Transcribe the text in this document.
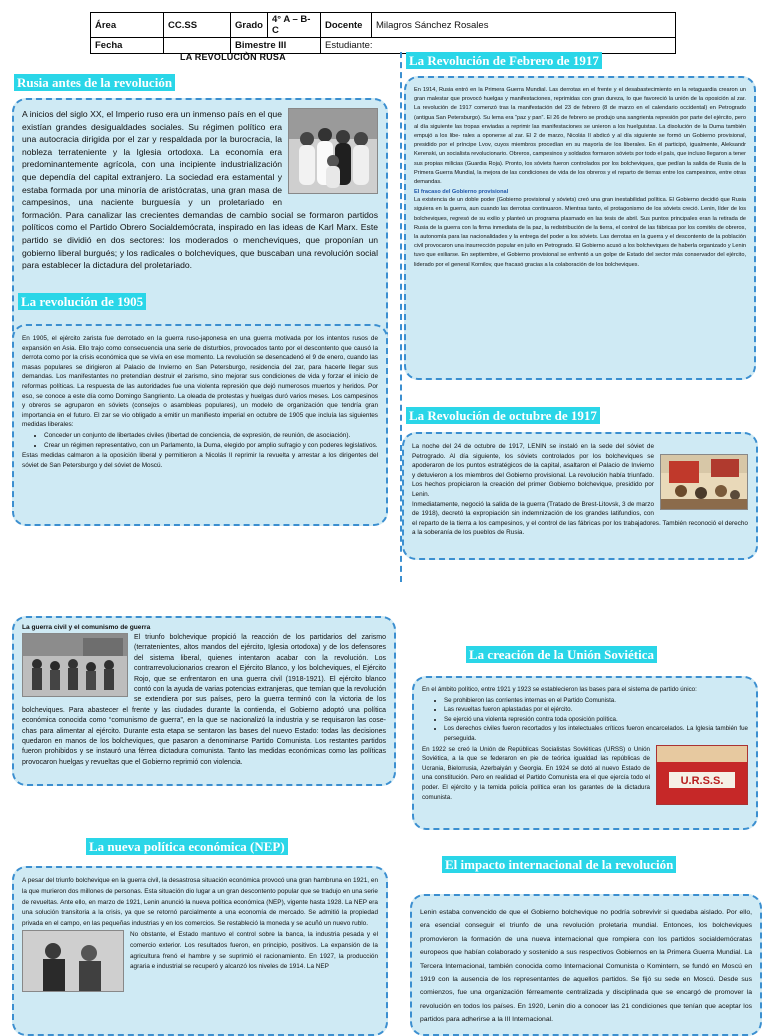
Área	CC.SS	Grado	4° A – B-C	Docente	Milagros Sánchez Rosales
Fecha		Bimestre III		Estudiante:	
LA REVOLUCIÒN RUSA
Rusia antes de la revolución

A inicios del siglo XX, el Imperio ruso era un inmenso país en el que existían grandes desigualdades sociales. Su régimen político era una autocracia dirigida por el zar y respaldada por la burocracia, la nobleza terrateniente y la Iglesia ortodoxa. La economía era predominantemente agrícola, con una incipiente industrialización que dependía del capital extranjero. La sociedad era estamental y estaba formada por una minoría de aristócratas, una gran masa de campesinos, una naciente burguesía y un proletariado en formación. Para canalizar las crecientes demandas de cambio social se formaron partidos políticos como el Partido Obrero Socialdemócrata, inspirado en las ideas de Karl Marx. Este partido se dividió en dos sectores: los moderados o mencheviques, que proponían un gobierno liberal burgués; y los radicales o bolcheviques, que buscaban una revolución social para establecer la dictadura del proletariado.

La revolución de 1905

En 1905, el ejército zarista fue derrotado en la guerra ruso-japonesa en una guerra motivada por los intentos rusos de expansión en Asia. Ello trajo como consecuencia una serie de disturbios, provocados tanto por el descontento que causó la derrota como por la crisis económica que se vivía en ese momento. La revolución se desencadenó el 9 de enero, cuando las masas populares se dirigieron al Palacio de Invierno en San Petersburgo, residencia del zar, para hacerle llegar sus demandas. Los manifestantes no pretendían destruir el zarismo, sino mejorar sus condiciones de vida y forzar el inicio de reformas políticas. La respuesta de las autoridades fue una violenta represión que dejó numerosos muertos y heridos. Por eso, se conoce a este día como Domingo Sangriento. La oleada de protestas y huelgas duró varios meses. Los campesinos y obreros se agruparon en sóviets (consejos o asambleas populares), un modelo de organización que tendría gran importancia en el futuro. El zar se vio obligado a emitir un manifiesto imperial en octubre de 1905 que incluía las siguientes medidas liberales:

• Conceder un conjunto de libertades civiles (libertad de conciencia, de expresión, de reunión, de asociación).
• Crear un régimen representativo, con un Parlamento, la Duma, elegido por amplio sufragio y con poderes legislativos.

Estas medidas calmaron a la oposición liberal y permitieron a Nicolás II reprimir la revuelta y arrestar a los dirigentes del sóviet de San Petersburgo y del sóviet de Moscú.

La Revolución de Febrero de 1917

En 1914, Rusia entró en la Primera Guerra Mundial. Las derrotas en el frente y el desabastecimiento en la retaguardia crearon un gran malestar que provocó huelgas y manifestaciones, reprimidas con gran dureza, lo que favoreció la unión de la oposición al zar. La revolución de 1917 comenzó tras la manifestación del 23 de febrero (8 de marzo en el calendario occidental) en Petrogrado (antigua San Petersburgo). Su lema era “paz y pan”. El 26 de febrero se produjo una sangrienta represión por parte del ejército, pero al día siguiente las tropas enviadas a reprimir las manifestaciones se unieron a los huelguistas. La disolución de la Duma también empujó a los libe- rales a oponerse al zar. El 2 de marzo, Nicolás II abdicó y al día siguiente se formó un Gobierno provisional, presidido por el príncipe Lvov, cuyos miembros procedían en su mayoría de los liberales. En él participó, igualmente, Aleksandr Kerenski, un socialista revolucionario. Obreros, campesinos y soldados formaron sóviets por todo el país, que incluso llegaron a tener sus propias milicias (Guardia Roja). Pronto, los sóviets fueron controlados por los bolcheviques, que pedían la salida de Rusia de la Primera Guerra Mundial, la mejora de las condiciones de vida de los obreros y el reparto de tierras entre los campesinos, entre otras demandas.

El fracaso del Gobierno provisional

La existencia de un doble poder (Gobierno provisional y sóviets) creó una gran inestabilidad política. El Gobierno decidió que Rusia siguiera en la guerra, aun cuando las derrotas continuaron. Mientras tanto, el protagonismo de los sóviets creció. Lenin, líder de los bolcheviques, regresó de su exilio y planteó un programa plasmado en las tesis de abril. Sus puntos principales eran la retirada de Rusia de la guerra con la firma inmediata de la paz, la redistribución de la tierra, el control de las fábricas por los comités de obreros, la autonomía para las nacionalidades y la entrega del poder a los sóviets. Las derrotas en la guerra y el descontento de la población civil provocaron una insurrección popular en julio en Petrogrado. El Gobierno acusó a los bolcheviques de haberla organizado y Lenin tuvo que exiliarse. En septiembre, el Gobierno provisional se enfrentó a un golpe de Estado del sector más conservador del ejército, liderado por el general Kornilov, que fracasó gracias a la colaboración de los bolcheviques.

La Revolución de octubre de 1917

La noche del 24 de octubre de 1917, LENIN se instaló en la sede del sóviet de Petrogrado. Al día siguiente, los sóviets controlados por los bolcheviques se apoderaron de los puntos estratégicos de la capital, asaltaron el Palacio de Invierno y detuvieron a los miembros del Gobierno provisional. La revolución había triunfado. Los hechos propiciaron la creación del primer Gobierno bolchevique, presidido por Lenin.

Inmediatamente, negoció la salida de la guerra (Tratado de Brest-Litovsk, 3 de marzo de 1918), decretó la expropiación sin indemnización de los grandes latifundios, con el reparto de la tierra a los campesinos, y el control de las fábricas por los trabajadores. También reconoció el derecho a la soberanía de los pueblos de Rusia.

La guerra civil y el comunismo de guerra

El triunfo bolchevique propició la reacción de los partidarios del zarismo (terratenientes, altos mandos del ejército, Iglesia ortodoxa) y de los defensores del sistema liberal, quienes intentaron acabar con la revolución. Los contrarrevolucionarios crearon el Ejército Blanco, y los bolcheviques, el Ejército Rojo, que se enfrentaron en una guerra civil (1918-1921). El ejército blanco contó con la ayuda de varias potencias extranjeras, que temían que la revolución se extendiera por sus países, pero la guerra terminó con la victoria de los bolcheviques. Para abastecer el frente y las ciudades durante la contienda, el Gobierno adoptó una política económica conocida como “comunismo de guerra”, en la que se nacionalizó la industria y se requisaron las cose- chas para alimentar al ejército. Durante esta etapa se sentaron las bases del nuevo Estado: todas las decisiones quedaron en manos de los bolcheviques, que pasaron a denominarse Partido Comunista. Los restantes partidos fueron prohibidos y se instauró una férrea dictadura comunista. Tanto las medidas económicas como las políticas provocaron huelgas y revueltas que el Gobierno reprimió con violencia.

La nueva política económica (NEP)

A pesar del triunfo bolchevique en la guerra civil, la desastrosa situación económica provocó una gran hambruna en 1921, en la que murieron dos millones de personas. Esta situación dio lugar a un gran descontento popular que se tradujo en una serie de revueltas. Ante ello, en marzo de 1921, Lenin anunció la nueva política económica (NEP), vigente hasta 1928. La NEP era una solución transitoria a la crisis, ya que se retornó parcialmente a una economía de mercado. Se admitió la propiedad privada en el campo, en las pequeñas industrias y en los comercios. Se restableció la moneda y se acuñó un nuevo rublo.

No obstante, el Estado mantuvo el control sobre la banca, la industria pesada y el comercio exterior. Los resultados fueron, en principio, positivos. La expansión de la agricultura frenó el hambre y se suprimió el racionamiento. En 1927, la producción agraria e industrial se recuperó y alcanzó los niveles de 1914. La NEP

La creación de la Unión Soviética

En el ámbito político, entre 1921 y 1923 se establecieron las bases para el sistema de partido único:

• Se prohibieron las corrientes internas en el Partido Comunista.
• Las revueltas fueron aplastadas por el ejército.
• Se ejerció una violenta represión contra toda oposición política.
• Los derechos civiles fueron recortados y los intelectuales críticos fueron encarcelados. La Iglesia también fue perseguida.
U.R.S.S.

En 1922 se creó la Unión de Repúblicas Socialistas Soviéticas (URSS) o Unión Soviética, a la que se federaron en pie de teórica igualdad las repúblicas de Ucrania, Bielorrusia, Azerbaiyán y Georgia. En 1924 se dotó al nuevo Estado de una constitución. Pero en realidad el Partido Comunista era el que ejercía todo el poder. El ejército y la temida policía política eran los garantes de la dictadura comunista.

El impacto internacional de la revolución

Lenin estaba convencido de que el Gobierno bolchevique no podría sobrevivir si quedaba aislado. Por ello, era esencial conseguir el triunfo de una revolución proletaria mundial. Entonces, los bolcheviques promovieron la formación de una nueva internacional que rompiera con los partidos socialdemócratas europeos que habían colaborado y sostenido a sus respectivos Gobiernos en la Primera Guerra Mundial. La Tercera Internacional, también conocida como Internacional Comunista o Komintern, se fundó en Moscú en 1919 con la ausencia de los representantes de aquellos partidos. Se fijó su sede en Moscú. Desde sus comienzos, fue una organización férreamente centralizada y disciplinada que se encargó de promover la revolución en todos los países. En 1920, Lenin dio a conocer las 21 condiciones que tenían que aceptar los partidos para adherirse a la III Internacional.
